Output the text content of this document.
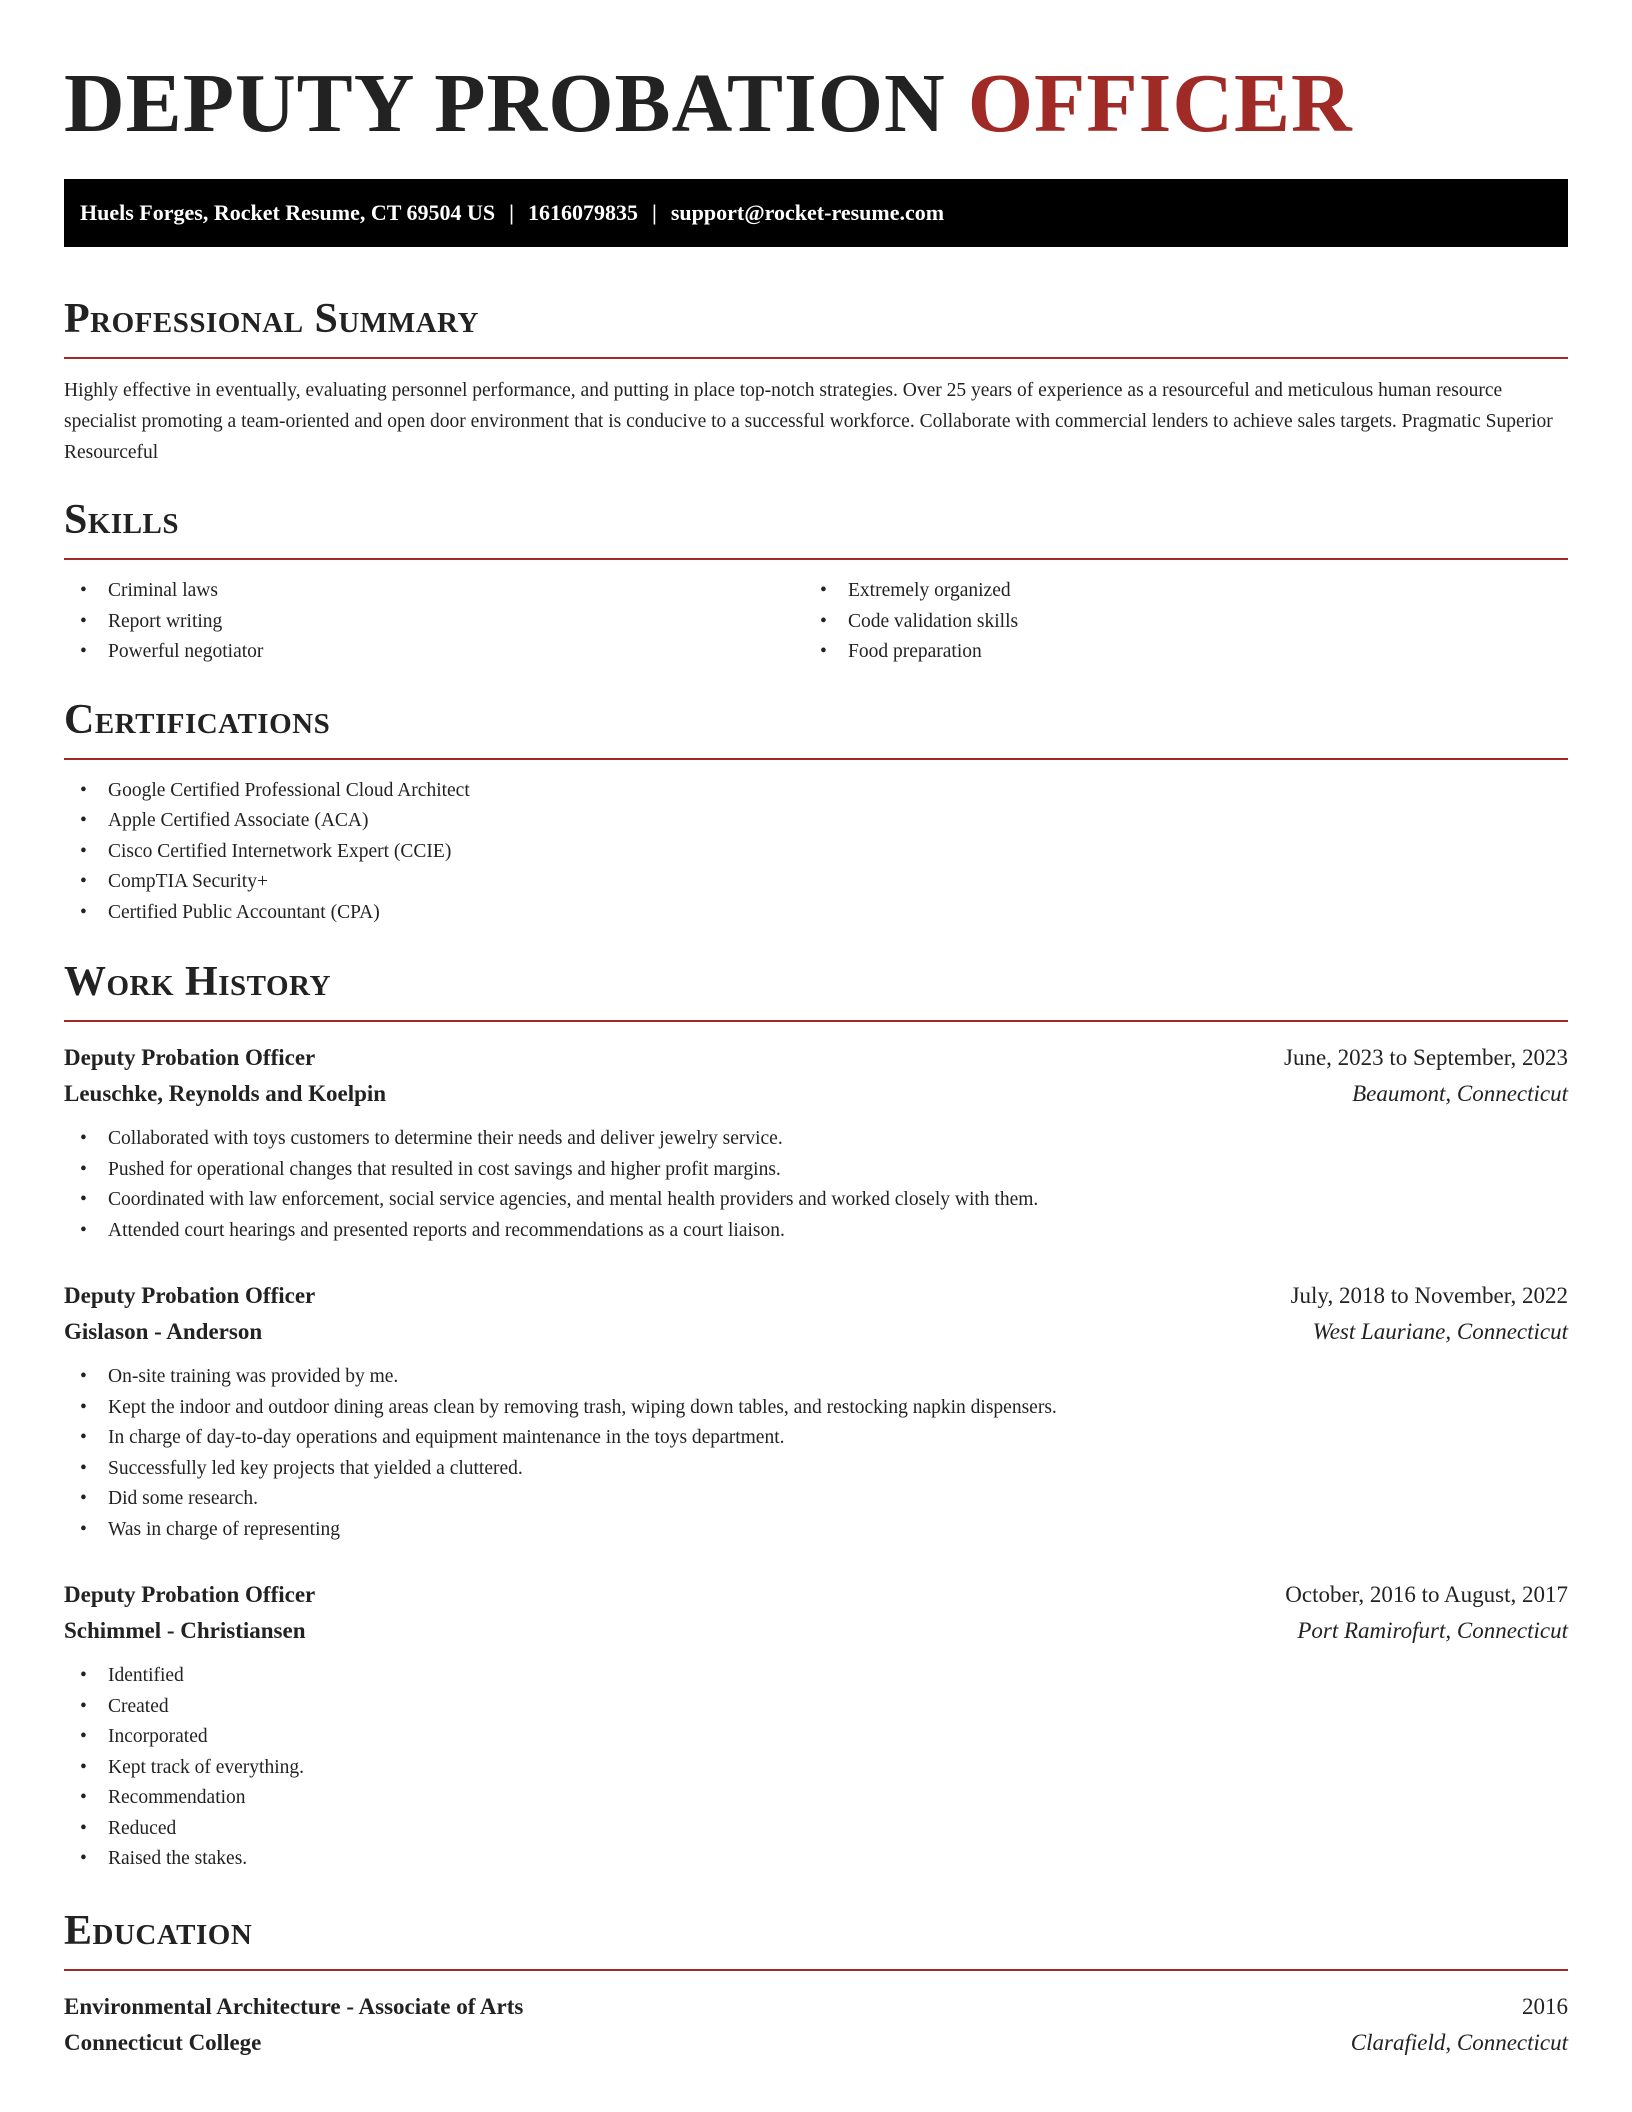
DEPUTY PROBATION OFFICER
Huels Forges, Rocket Resume, CT 69504 US | 1616079835 | support@rocket-resume.com
Professional Summary

Highly effective in eventually, evaluating personnel performance, and putting in place top-notch strategies. Over 25 years of experience as a resourceful and meticulous human resource specialist promoting a team-oriented and open door environment that is conducive to a successful workforce. Collaborate with commercial lenders to achieve sales targets. Pragmatic Superior Resourceful

Skills
• Criminal laws
• Report writing
• Powerful negotiator
• Extremely organized
• Code validation skills
• Food preparation
Certifications
• Google Certified Professional Cloud Architect
• Apple Certified Associate (ACA)
• Cisco Certified Internetwork Expert (CCIE)
• CompTIA Security+
• Certified Public Accountant (CPA)
Work History
Deputy Probation Officer	June, 2023 to September, 2023
Leuschke, Reynolds and Koelpin	Beaumont, Connecticut
• Collaborated with toys customers to determine their needs and deliver jewelry service.
• Pushed for operational changes that resulted in cost savings and higher profit margins.
• Coordinated with law enforcement, social service agencies, and mental health providers and worked closely with them.
• Attended court hearings and presented reports and recommendations as a court liaison.
Deputy Probation Officer	July, 2018 to November, 2022
Gislason - Anderson	West Lauriane, Connecticut
• On-site training was provided by me.
• Kept the indoor and outdoor dining areas clean by removing trash, wiping down tables, and restocking napkin dispensers.
• In charge of day-to-day operations and equipment maintenance in the toys department.
• Successfully led key projects that yielded a cluttered.
• Did some research.
• Was in charge of representing
Deputy Probation Officer	October, 2016 to August, 2017
Schimmel - Christiansen	Port Ramirofurt, Connecticut
• Identified
• Created
• Incorporated
• Kept track of everything.
• Recommendation
• Reduced
• Raised the stakes.
Education
Environmental Architecture - Associate of Arts	2016
Connecticut College	Clarafield, Connecticut
